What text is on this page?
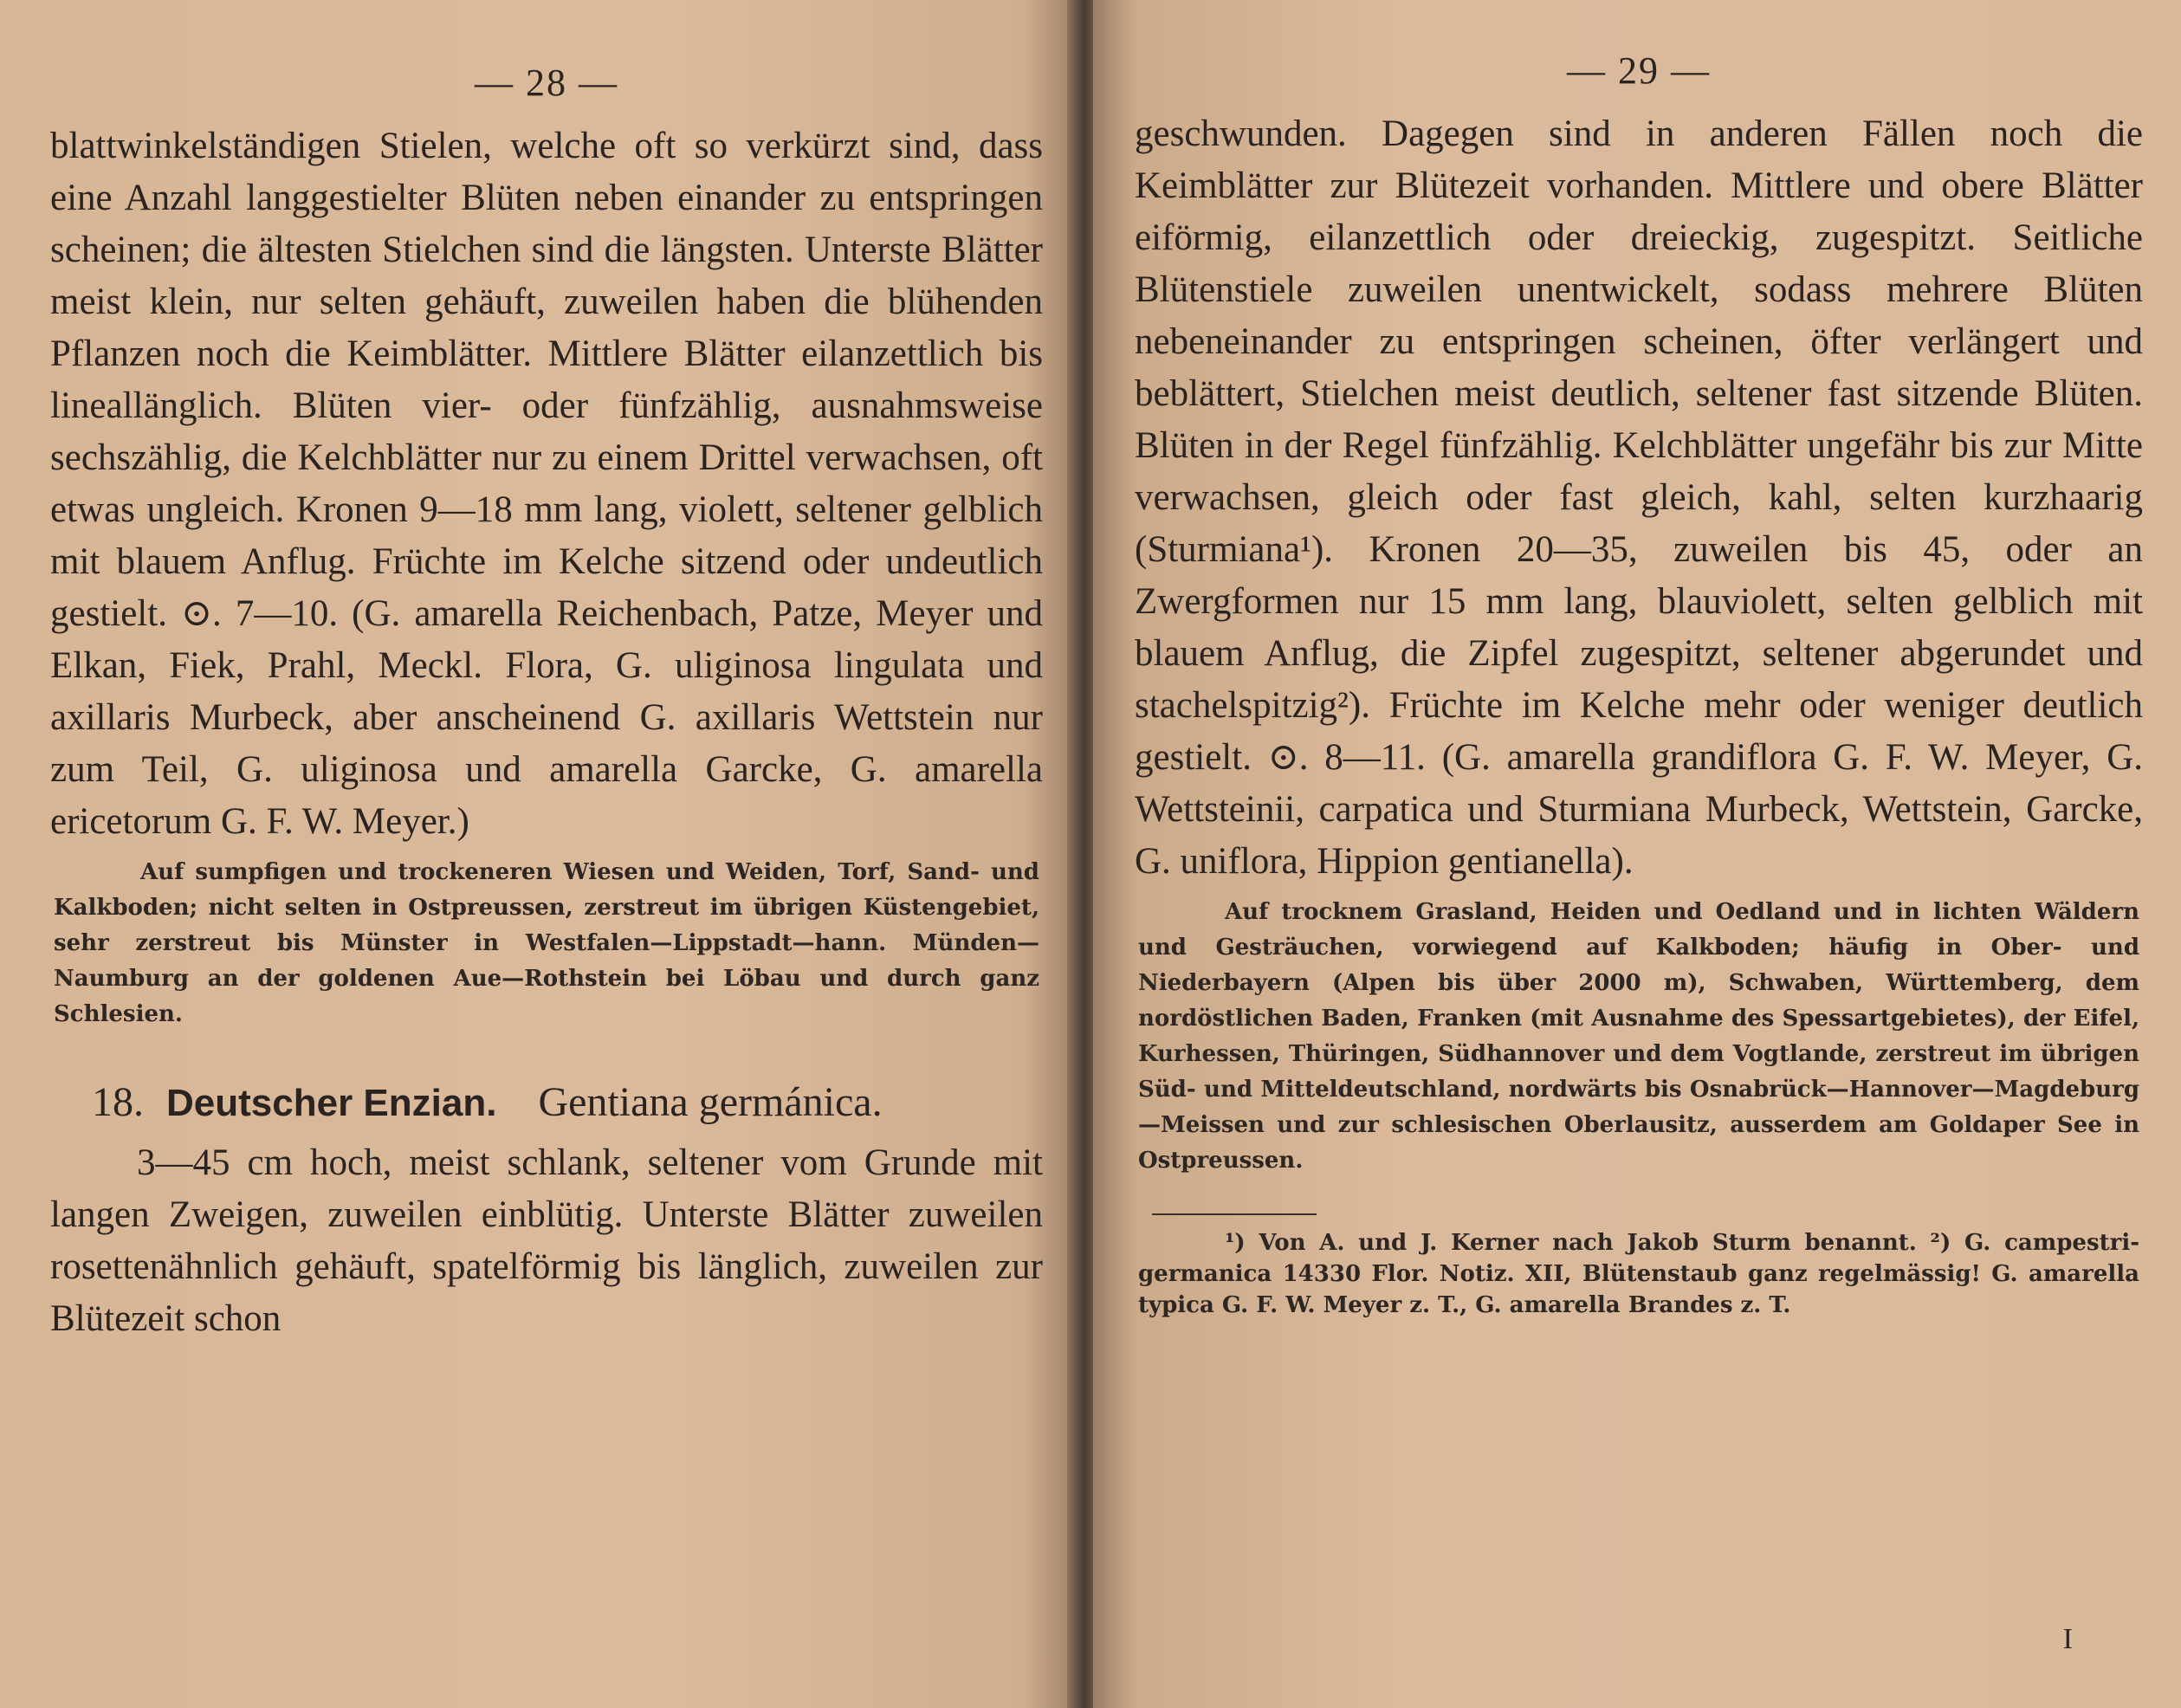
— 28 —

blattwinkelständigen Stielen, welche oft so verkürzt sind, dass eine Anzahl langgestielter Blüten neben einander zu entspringen scheinen; die ältesten Stielchen sind die längsten. Unterste Blätter meist klein, nur selten gehäuft, zuweilen haben die blühenden Pflanzen noch die Keimblätter. Mittlere Blätter eilanzettlich bis lineallänglich. Blüten vier- oder fünfzählig, ausnahmsweise sechszählig, die Kelchblätter nur zu einem Drittel verwachsen, oft etwas ungleich. Kronen 9—18 mm lang, violett, seltener gelblich mit blauem Anflug. Früchte im Kelche sitzend oder undeutlich gestielt. ⊙. 7—10. (G. amarella Reichenbach, Patze, Meyer und Elkan, Fiek, Prahl, Meckl. Flora, G. uliginosa lingulata und axillaris Murbeck, aber anscheinend G. axillaris Wettstein nur zum Teil, G. uliginosa und amarella Garcke, G. amarella ericetorum G. F. W. Meyer.)

Auf sumpfigen und trockeneren Wiesen und Weiden, Torf, Sand- und Kalkboden; nicht selten in Ostpreussen, zerstreut im übrigen Küstengebiet, sehr zerstreut bis Münster in Westfalen—Lippstadt—hann. Münden—Naumburg an der goldenen Aue—Rothstein bei Löbau und durch ganz Schlesien.

18. Deutscher Enzian. Gentiana germánica.

3—45 cm hoch, meist schlank, seltener vom Grunde mit langen Zweigen, zuweilen einblütig. Unterste Blätter zuweilen rosettenähnlich gehäuft, spatelförmig bis länglich, zuweilen zur Blütezeit schon

— 29 —

geschwunden. Dagegen sind in anderen Fällen noch die Keimblätter zur Blütezeit vorhanden. Mittlere und obere Blätter eiförmig, eilanzettlich oder dreieckig, zugespitzt. Seitliche Blütenstiele zuweilen unentwickelt, sodass mehrere Blüten nebeneinander zu entspringen scheinen, öfter verlängert und beblättert, Stielchen meist deutlich, seltener fast sitzende Blüten. Blüten in der Regel fünfzählig. Kelchblätter ungefähr bis zur Mitte verwachsen, gleich oder fast gleich, kahl, selten kurzhaarig (Sturmiana¹). Kronen 20—35, zuweilen bis 45, oder an Zwergformen nur 15 mm lang, blauviolett, selten gelblich mit blauem Anflug, die Zipfel zugespitzt, seltener abgerundet und stachelspitzig²). Früchte im Kelche mehr oder weniger deutlich gestielt. ⊙. 8—11. (G. amarella grandiflora G. F. W. Meyer, G. Wettsteinii, carpatica und Sturmiana Murbeck, Wettstein, Garcke, G. uniflora, Hippion gentianella).

Auf trocknem Grasland, Heiden und Oedland und in lichten Wäldern und Gesträuchen, vorwiegend auf Kalkboden; häufig in Ober- und Niederbayern (Alpen bis über 2000 m), Schwaben, Württemberg, dem nordöstlichen Baden, Franken (mit Ausnahme des Spessartgebietes), der Eifel, Kurhessen, Thüringen, Südhannover und dem Vogtlande, zerstreut im übrigen Süd- und Mitteldeutschland, nordwärts bis Osnabrück—Hannover—Magdeburg—Meissen und zur schlesischen Oberlausitz, ausserdem am Goldaper See in Ostpreussen.

¹) Von A. und J. Kerner nach Jakob Sturm benannt. ²) G. campestri-germanica 14330 Flor. Notiz. XII, Blütenstaub ganz regelmässig! G. amarella typica G. F. W. Meyer z. T., G. amarella Brandes z. T.

I
